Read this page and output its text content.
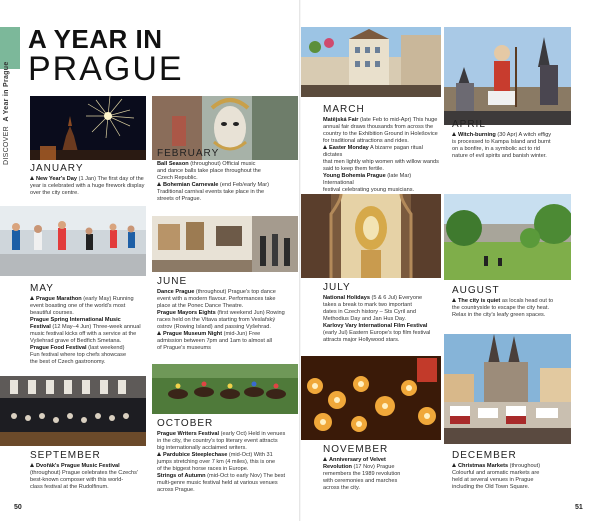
DISCOVER  A Year in Prague
A YEAR IN
PRAGUE
JANUARY
New Year's Day (1 Jan) The first day of the
year is celebrated with a huge firework display
over the city centre.
FEBRUARY
Ball Season (throughout) Official music
and dance balls take place throughout the
Czech Republic.
Bohemian Carnevale (end Feb/early Mar)
Traditional carnival events take place in the
streets of Prague.
MARCH
Matějská Fair (late Feb to mid-Apr) This huge
annual fair draws thousands from across the
country to the Exhibition Ground in Holešovice
for traditional attractions and rides.
Easter Monday A bizarre pagan ritual dictates
that men lightly whip women with willow wands
said to keep them fertile.
Young Bohemia Prague (late Mar) International
festival celebrating young musicians.
APRIL
Witch-burning (30 Apr) A witch effigy
is processed to Kampa Island and burnt
on a bonfire, in a symbolic act to rid
nature of evil spirits and banish winter.
MAY
Prague Marathon (early May) Running
event boasting one of the world's most
beautiful courses.
Prague Spring International Music
Festival (12 May–4 Jun) Three-week annual
music festival kicks off with a service at the
Vyšehrad grave of Bedřich Smetana.
Prague Food Festival (last weekend)
Fun festival where top chefs showcase
the best of Czech gastronomy.
JUNE
Dance Prague (throughout) Prague's top dance
event with a modern flavour. Performances take
place at the Ponec Dance Theatre.
Prague Mayors Eights (first weekend Jun) Rowing
races held on the Vltava starting from Veslařský
ostrov (Rowing Island) and passing Vyšehrad.
Prague Museum Night (mid-Jun) Free
admission between 7pm and 1am to almost all
of Prague's museums
JULY
National Holidays (5 & 6 Jul) Everyone
takes a break to mark two important
dates in Czech history – Sts Cyril and
Methodius Day and Jan Hus Day.
Karlovy Vary International Film Festival
(early Jul) Eastern Europe's top film festival
attracts major Hollywood stars.
AUGUST
The city is quiet as locals head out to
the countryside to escape the city heat.
Relax in the city's leafy green spaces.
SEPTEMBER
Dvořák's Prague Music Festival
(throughout) Prague celebrates the Czechs'
best-known composer with this world-
class festival at the Rudolfinum.
OCTOBER
Prague Writers Festival (early Oct) Held in venues
in the city, the country's top literary event attracts
big internationally acclaimed writers.
Pardubice Steeplechase (mid-Oct) With 31
jumps stretching over 7 km (4 miles), this is one
of the biggest horse races in Europe.
Strings of Autumn (mid-Oct to early Nov) The best
multi-genre music festival held at various venues
across Prague.
NOVEMBER
Anniversary of Velvet
Revolution (17 Nov) Prague
remembers the 1989 revolution
with ceremonies and marches
across the city.
DECEMBER
Christmas Markets (throughout)
Colourful and aromatic markets are
held at several venues in Prague
including the Old Town Square.
50	51
